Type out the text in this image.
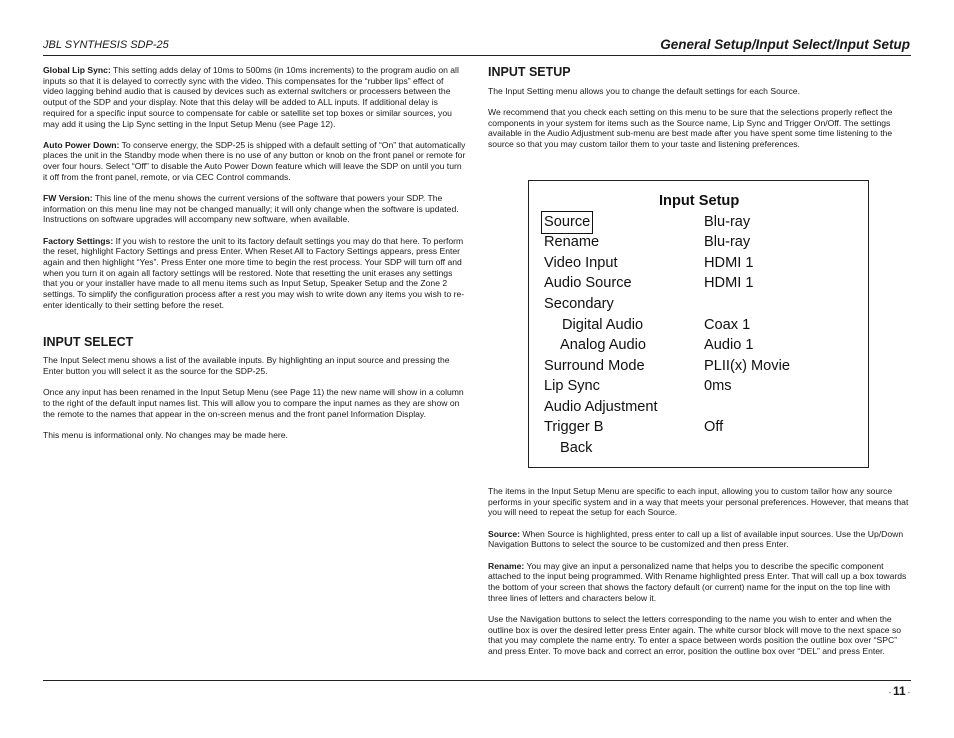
JBL SYNTHESIS SDP-25	General Setup/Input Select/Input Setup

Global Lip Sync: This setting adds delay of 10ms to 500ms (in 10ms increments) to the program audio on all inputs so that it is delayed to correctly sync with the video. This compensates for the “rubber lips” effect of video lagging behind audio that is caused by devices such as external switchers or processers between the output of the SDP and your display. Note that this delay will be added to ALL inputs. If additional delay is required for a specific input source to compensate for cable or satellite set top boxes or similar sources, you may add it using the Lip Sync setting in the Input Setup Menu (see Page 12).

Auto Power Down: To conserve energy, the SDP-25 is shipped with a default setting of “On” that automatically places the unit in the Standby mode when there is no use of any button or knob on the front panel or remote for over four hours. Select “Off” to disable the Auto Power Down feature which will leave the SDP on until you turn it off from the front panel, remote, or via CEC Control commands.

FW Version: This line of the menu shows the current versions of the software that powers your SDP. The information on this menu line may not be changed manually; it will only change when the software is updated. Instructions on software upgrades will accompany new software, when available.

Factory Settings: If you wish to restore the unit to its factory default settings you may do that here. To perform the reset, highlight Factory Settings and press Enter. When Reset All to Factory Settings appears, press Enter again and then highlight “Yes”. Press Enter one more time to begin the rest process. Your SDP will turn off and when you turn it on again all factory settings will be restored. Note that resetting the unit erases any settings that you or your installer have made to all menu items such as Input Setup, Speaker Setup and the Zone 2 settings. To simplify the configuration process after a rest you may wish to write down any items you wish to re-enter identically to their setting before the reset.

INPUT SELECT

The Input Select menu shows a list of the available inputs. By highlighting an input source and pressing the Enter button you will select it as the source for the SDP-25.

Once any input has been renamed in the Input Setup Menu (see Page 11) the new name will show in a column to the right of the default input names list. This will allow you to compare the input names as they are show on the remote to the names that appear in the on-screen menus and the front panel Information Display.

This menu is informational only. No changes may be made here.

INPUT SETUP

The Input Setting menu allows you to change the default settings for each Source.

We recommend that you check each setting on this menu to be sure that the selections properly reflect the components in your system for items such as the Source name, Lip Sync and Trigger On/Off. The settings available in the Audio Adjustment sub-menu are best made after you have spent some time listening to the source so that you may custom tailor them to your taste and listening preferences.

Input Setup
Source	Blu-ray
Rename	Blu-ray
Video Input	HDMI 1
Audio Source	HDMI 1
Secondary
Digital Audio	Coax 1
Analog Audio	Audio 1
Surround Mode	PLII(x) Movie
Lip Sync	0ms
Audio Adjustment
Trigger B	Off
Back

The items in the Input Setup Menu are specific to each input, allowing you to custom tailor how any source performs in your specific system and in a way that meets your personal preferences. However, that means that you will need to repeat the setup for each Source.

Source: When Source is highlighted, press enter to call up a list of available input sources. Use the Up/Down Navigation Buttons to select the source to be customized and then press Enter.

Rename: You may give an input a personalized name that helps you to describe the specific component attached to the input being programmed. With Rename highlighted press Enter. That will call up a box towards the bottom of your screen that shows the factory default (or current) name for the input on the top line with three lines of letters and characters below it.

Use the Navigation buttons to select the letters corresponding to the name you wish to enter and when the outline box is over the desired letter press Enter again. The white cursor block will move to the next space so that you may complete the name entry. To enter a space between words position the outline box over “SPC” and press Enter. To move back and correct an error, position the outline box over “DEL” and press Enter.

- 11 -
